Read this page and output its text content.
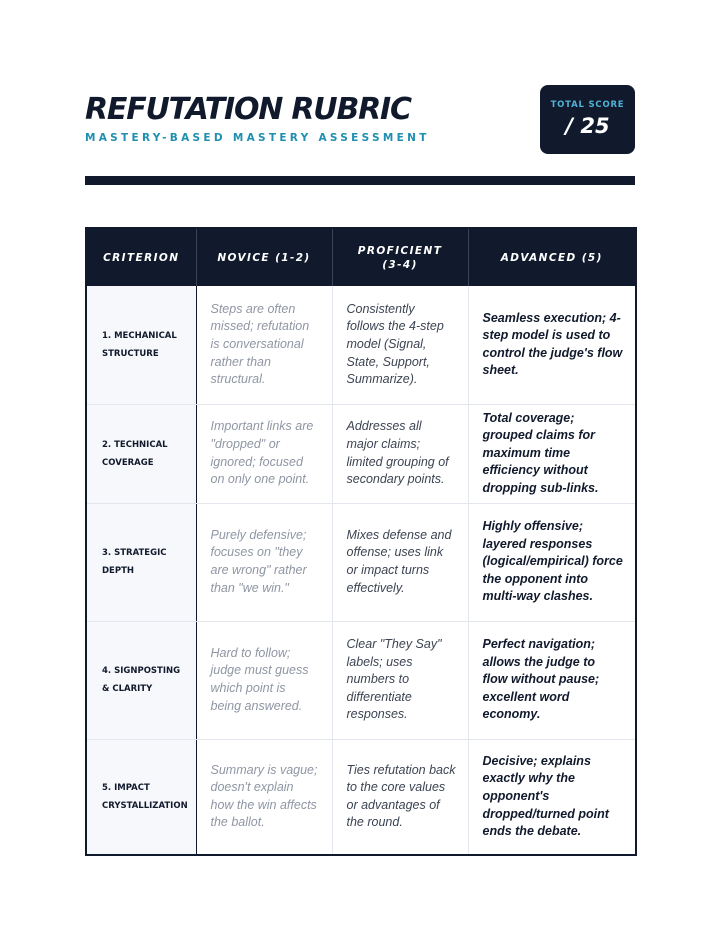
REFUTATION RUBRIC
MASTERY-BASED MASTERY ASSESSMENT
TOTAL SCORE
/ 25
CRITERION	NOVICE (1-2)	PROFICIENT (3-4)	ADVANCED (5)
1. MECHANICAL STRUCTURE	Steps are often missed; refutation is conversational rather than structural.	Consistently follows the 4-step model (Signal, State, Support, Summarize).	Seamless execution; 4-step model is used to control the judge's flow sheet.
2. TECHNICAL COVERAGE	Important links are "dropped" or ignored; focused on only one point.	Addresses all major claims; limited grouping of secondary points.	Total coverage; grouped claims for maximum time efficiency without dropping sub-links.
3. STRATEGIC DEPTH	Purely defensive; focuses on "they are wrong" rather than "we win."	Mixes defense and offense; uses link or impact turns effectively.	Highly offensive; layered responses (logical/empirical) force the opponent into multi-way clashes.
4. SIGNPOSTING & CLARITY	Hard to follow; judge must guess which point is being answered.	Clear "They Say" labels; uses numbers to differentiate responses.	Perfect navigation; allows the judge to flow without pause; excellent word economy.
5. IMPACT CRYSTALLIZATION	Summary is vague; doesn't explain how the win affects the ballot.	Ties refutation back to the core values or advantages of the round.	Decisive; explains exactly why the opponent's dropped/turned point ends the debate.
